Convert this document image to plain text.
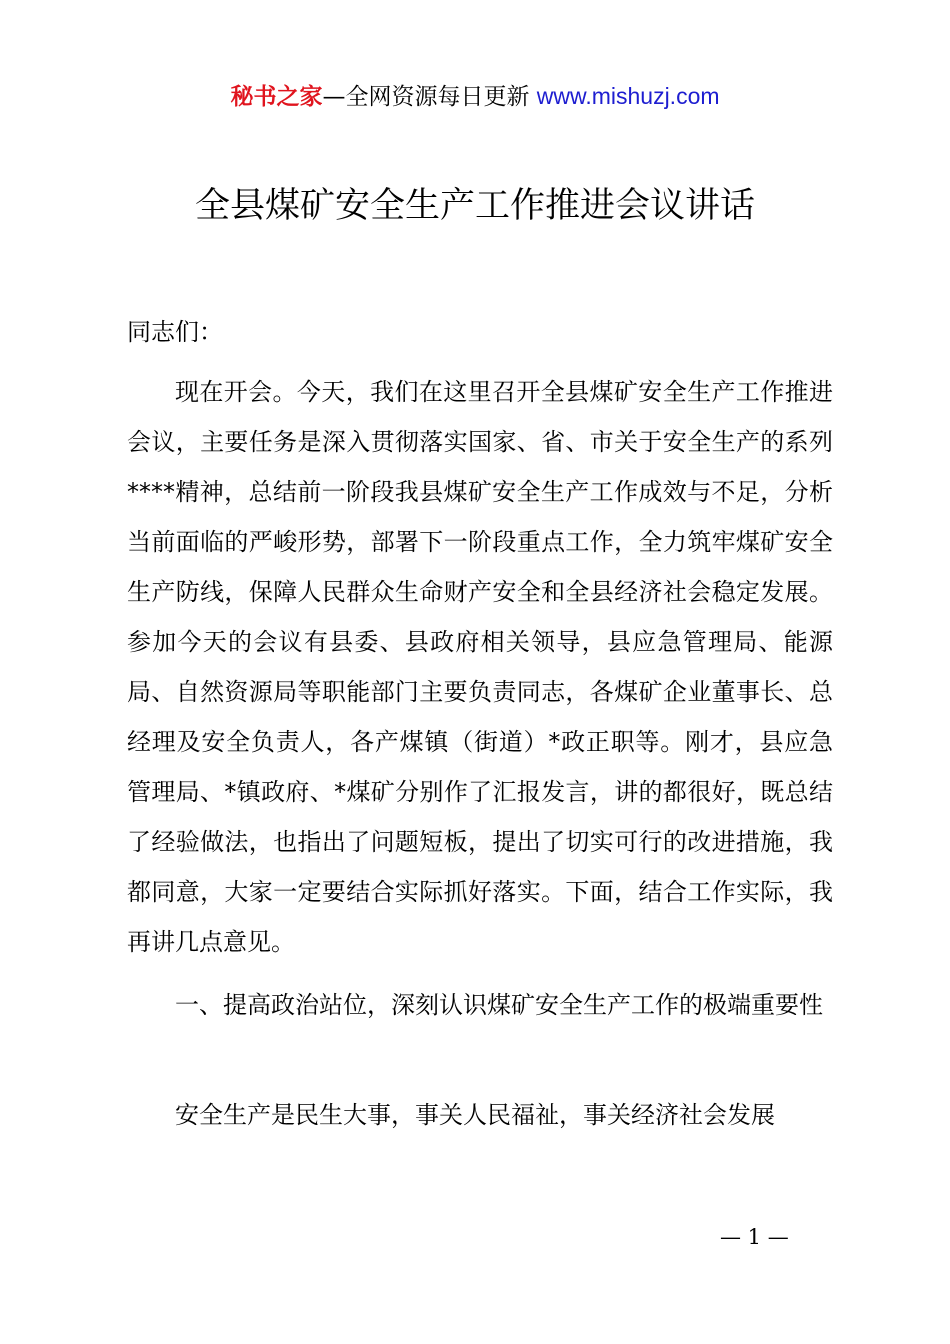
秘书之家—全网资源每日更新 www.mishuzj.com
全县煤矿安全生产工作推进会议讲话

同志们：

现在开会。今天，我们在这里召开全县煤矿安全生产工作推进会议，主要任务是深入贯彻落实国家、省、市关于安全生产的系列****精神，总结前一阶段我县煤矿安全生产工作成效与不足，分析当前面临的严峻形势，部署下一阶段重点工作，全力筑牢煤矿安全生产防线，保障人民群众生命财产安全和全县经济社会稳定发展。参加今天的会议有县委、县政府相关领导，县应急管理局、能源局、自然资源局等职能部门主要负责同志，各煤矿企业董事长、总经理及安全负责人，各产煤镇（街道）*政正职等。刚才，县应急管理局、*镇政府、*煤矿分别作了汇报发言，讲的都很好，既总结了经验做法，也指出了问题短板，提出了切实可行的改进措施，我都同意，大家一定要结合实际抓好落实。下面，结合工作实际，我再讲几点意见。

一、提高政治站位，深刻认识煤矿安全生产工作的极端重要性

安全生产是民生大事，事关人民福祉，事关经济社会发展

— 1 —
